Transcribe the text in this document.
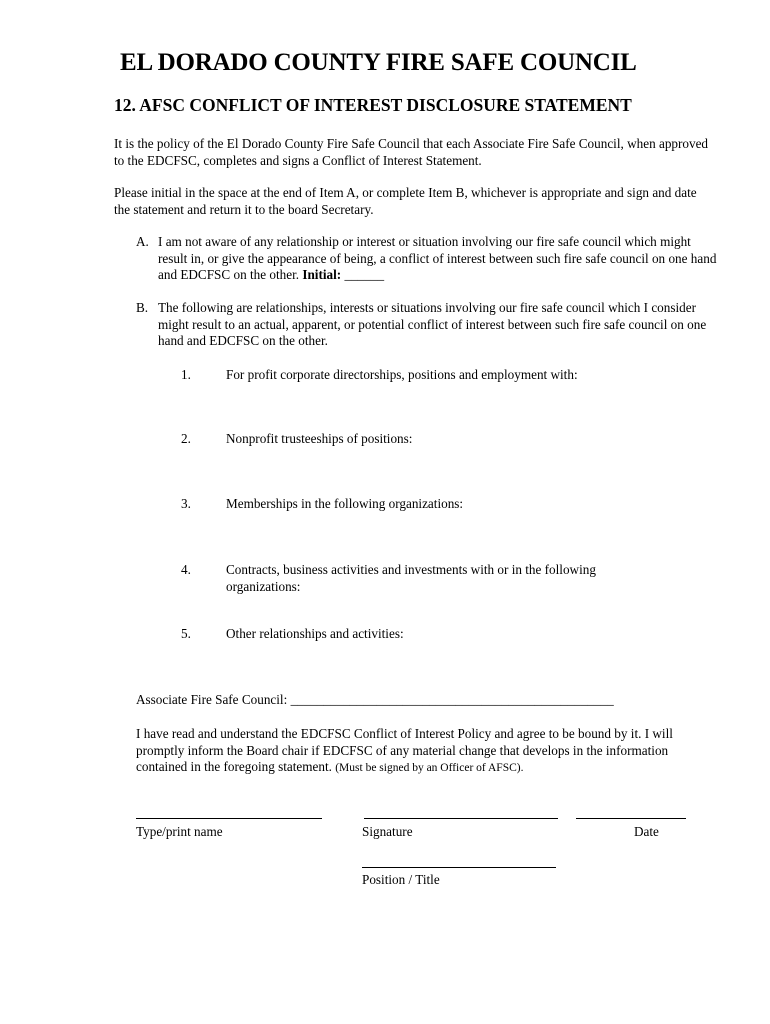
EL DORADO COUNTY FIRE SAFE COUNCIL
12. AFSC CONFLICT OF INTEREST DISCLOSURE STATEMENT
It is the policy of the El Dorado County Fire Safe Council that each Associate Fire Safe Council, when approved to the EDCFSC, completes and signs a Conflict of Interest Statement.
Please initial in the space at the end of Item A, or complete Item B, whichever is appropriate and sign and date the statement and return it to the board Secretary.
A. I am not aware of any relationship or interest or situation involving our fire safe council which might result in, or give the appearance of being, a conflict of interest between such fire safe council on one hand and EDCFSC on the other. Initial: ______
B. The following are relationships, interests or situations involving our fire safe council which I consider might result to an actual, apparent, or potential conflict of interest between such fire safe council on one hand and EDCFSC on the other.
1.	For profit corporate directorships, positions and employment with:
2.	Nonprofit trusteeships of positions:
3.	Memberships in the following organizations:
4.	Contracts, business activities and investments with or in the following organizations:
5.	Other relationships and activities:
Associate Fire Safe Council: _________________________________________________
I have read and understand the EDCFSC Conflict of Interest Policy and agree to be bound by it. I will promptly inform the Board chair if EDCFSC of any material change that develops in the information contained in the foregoing statement. (Must be signed by an Officer of AFSC).
Type/print name	Signature	Date
Position / Title
